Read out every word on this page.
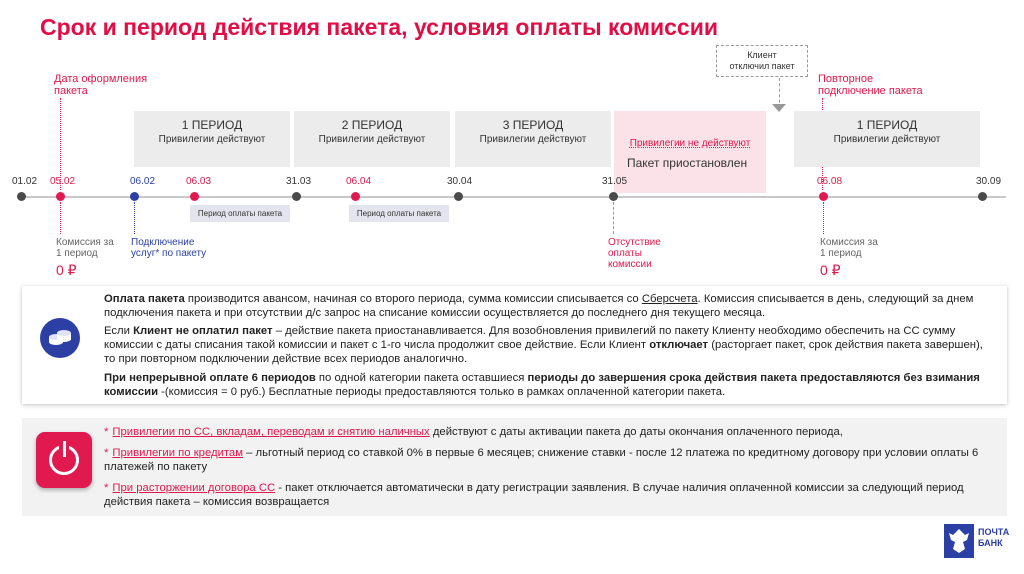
Срок и период действия пакета, условия оплаты комиссии
Дата оформления
пакета
Повторное
подключение пакета
Клиент
отключил пакет
1 ПЕРИОД
Привилегии действуют
2 ПЕРИОД
Привилегии действуют
3 ПЕРИОД
Привилегии действуют	Привилегии не действуют
Пакет приостановлен
1 ПЕРИОД
Привилегии действуют
01.02 05.02	06.02	06.03	31.03	06.04	30.04	31.05	06.08	30.09
Период оплаты пакета	Период оплаты пакета
Комиссия за
1 период
0 ₽
Подключение
услуг* по пакету
Отсутствие
оплаты
комиссии
Комиссия за
1 период
0 ₽
Оплата пакета производится авансом, начиная со второго периода, сумма комиссии списывается со Сберсчета. Комиссия списывается в день, следующий за днем подключения пакета и при отсутствии д/с запрос на списание комиссии осуществляется до последнего дня текущего месяца.
Если Клиент не оплатил пакет – действие пакета приостанавливается. Для возобновления привилегий по пакету Клиенту необходимо обеспечить на СС сумму комиссии с даты списания такой комиссии и пакет с 1-го числа продолжит свое действие. Если Клиент отключает (расторгает пакет, срок действия пакета завершен), то при повторном подключении действие всех периодов аналогично.
При непрерывной оплате 6 периодов по одной категории пакета оставшиеся периоды до завершения срока действия пакета предоставляются без взимания комиссии -(комиссия = 0 руб.) Бесплатные периоды предоставляются только в рамках оплаченной категории пакета.
* Привилегии по СС, вкладам, переводам и снятию наличных действуют с даты активации пакета до даты окончания оплаченного периода,
* Привилегии по кредитам – льготный период со ставкой 0% в первые 6 месяцев; снижение ставки - после 12 платежа по кредитному договору при условии оплаты 6 платежей по пакету
* При расторжении договора СС - пакет отключается автоматически в дату регистрации заявления. В случае наличия оплаченной комиссии за следующий период действия пакета – комиссия возвращается
ПОЧТА
БАНК
